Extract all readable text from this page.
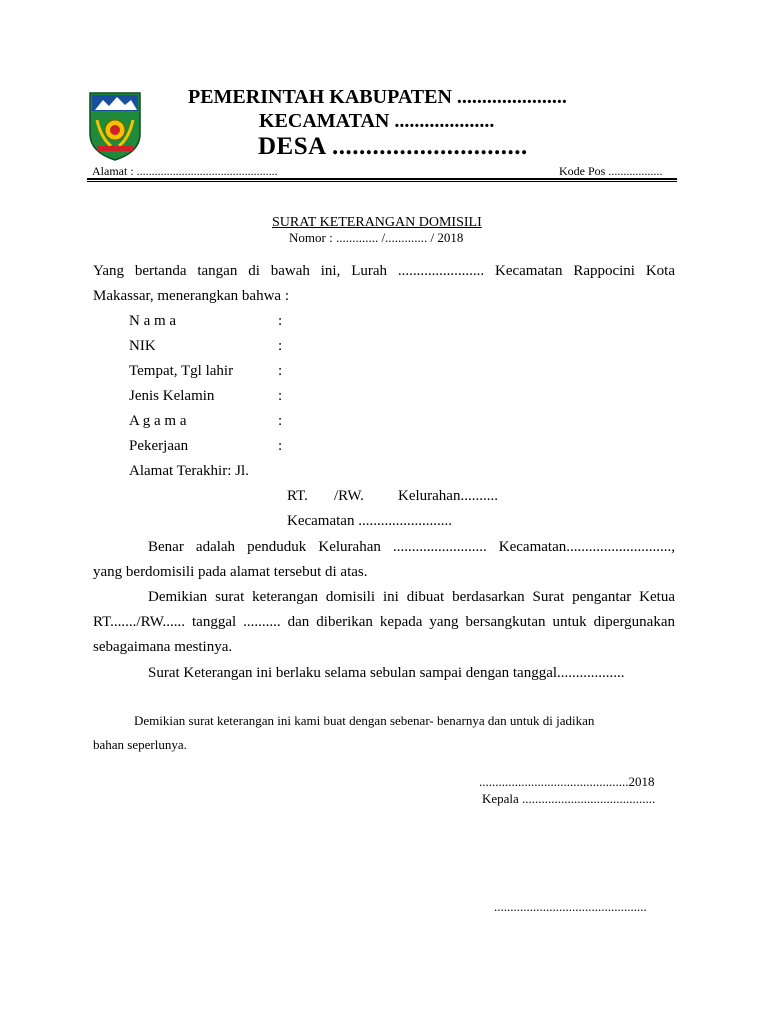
PEMERINTAH KABUPATEN ......................
KECAMATAN ....................
DESA .............................
Alamat : ...............................................	Kode Pos ..................
SURAT KETERANGAN DOMISILI
Nomor : ............. /............. / 2018
Yang bertanda tangan di bawah ini, Lurah ....................... Kecamatan Rappocini Kota
Makassar, menerangkan bahwa :
N a m a	:
NIK	:
Tempat, Tgl lahir	:
Jenis Kelamin	:
A g a m a	:
Pekerjaan	:
Alamat Terakhir: Jl.
RT. /RW. Kelurahan..........
Kecamatan .........................
Benar adalah penduduk Kelurahan ......................... Kecamatan............................,
yang berdomisili pada alamat tersebut di atas.
Demikian surat keterangan domisili ini dibuat berdasarkan Surat pengantar Ketua
RT......./RW...... tanggal .......... dan diberikan kepada yang bersangkutan untuk dipergunakan
sebagaimana mestinya.
Surat Keterangan ini berlaku selama sebulan sampai dengan tanggal..................
Demikian surat keterangan ini kami buat dengan sebenar- benarnya dan untuk di jadikan
bahan seperlunya.
..............................................2018
Kepala .........................................
...............................................
